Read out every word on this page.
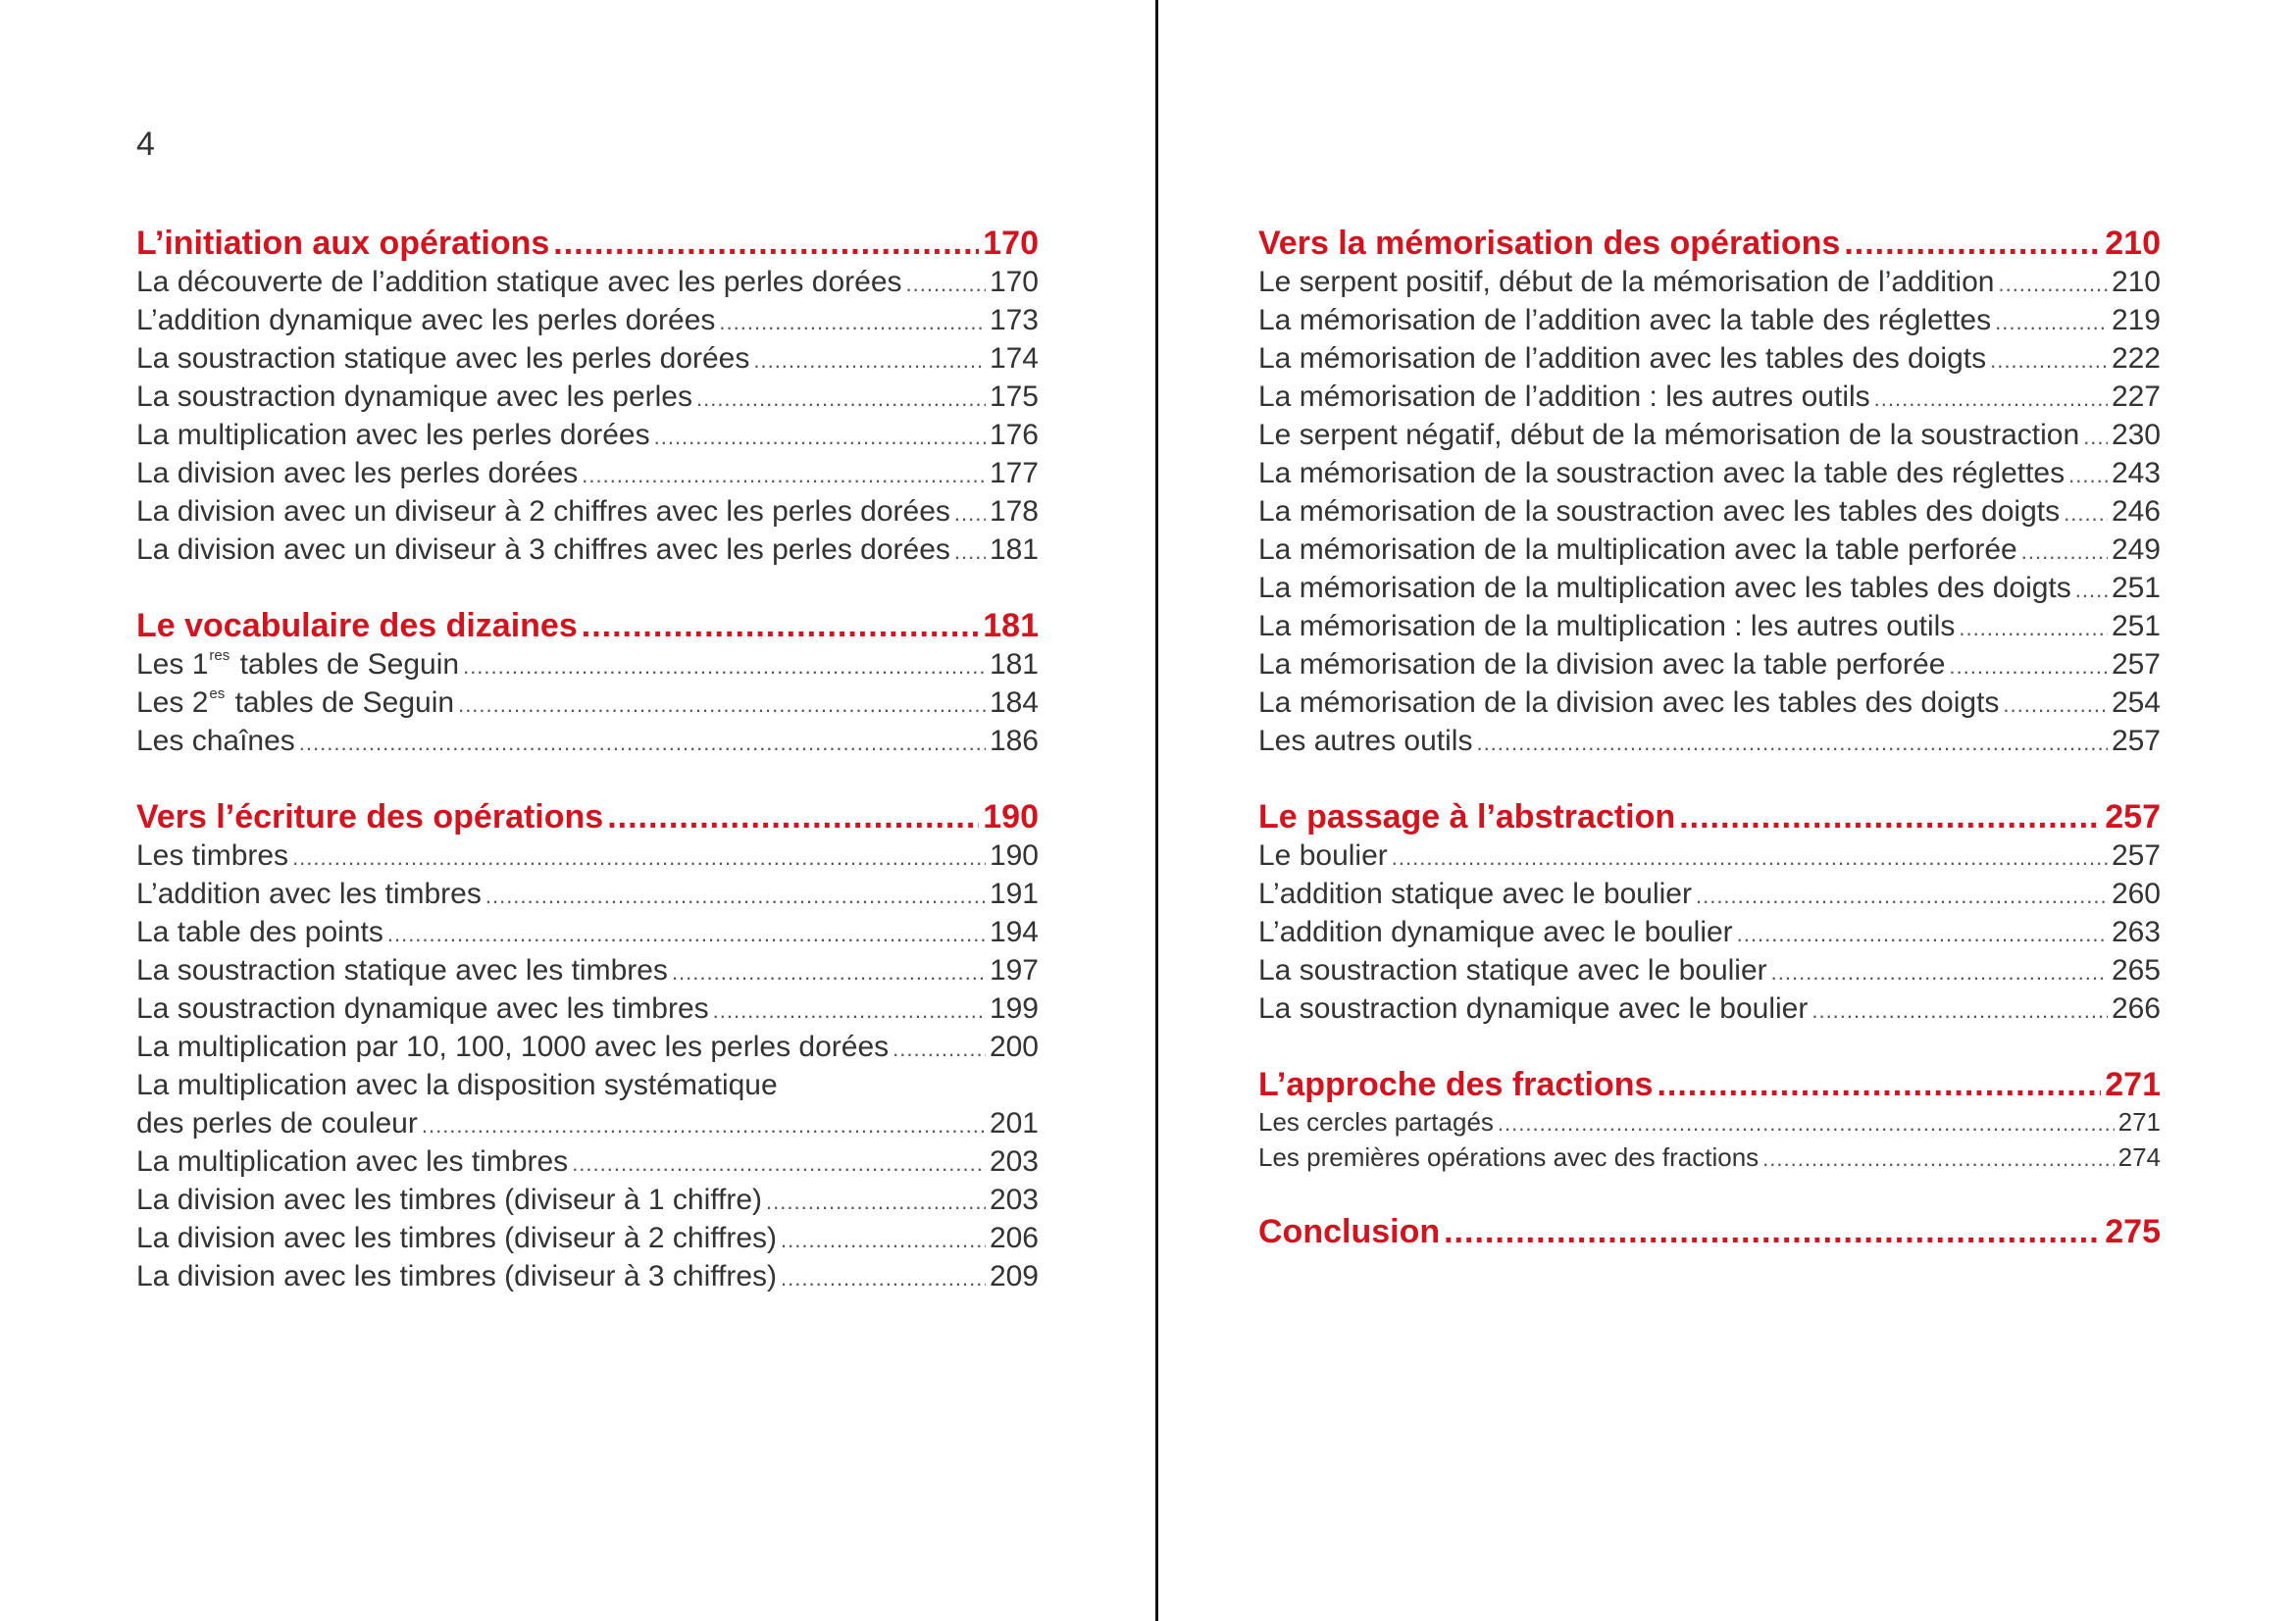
4
L’initiation aux opérations .....	170
La découverte de l’addition statique avec les perles dorées .....	170
L’addition dynamique avec les perles dorées .....	173
La soustraction statique avec les perles dorées .....	174
La soustraction dynamique avec les perles .....	175
La multiplication avec les perles dorées .....	176
La division avec les perles dorées .....	177
La division avec un diviseur à 2 chiffres avec les perles dorées ..... 178
La division avec un diviseur à 3 chiffres avec les perles dorées ..... 181
Le vocabulaire des dizaines .....	181
Les 1res tables de Seguin .....	181
Les $2^{es}$ tables de Seguin .....	184
Les chaînes .....	186
Vers l’écriture des opérations .....	190
Les timbres .....	190
L’addition avec les timbres .....	191
La table des points .....	194
La soustraction statique avec les timbres .....	197
La soustraction dynamique avec les timbres .....	199
La multiplication par 10, 100, 1000 avec les perles dorées .....	200
La multiplication avec la disposition systématique
des perles de couleur .....	201
La multiplication avec les timbres .....	203
La division avec les timbres (diviseur à 1 chiffre) .....	203
La division avec les timbres (diviseur à 2 chiffres) .....	206
La division avec les timbres (diviseur à 3 chiffres) .....	209
Vers la mémorisation des opérations .....	210
Le serpent positif, début de la mémorisation de l’addition .....	210
La mémorisation de l’addition avec la table des réglettes .....	219
La mémorisation de l’addition avec les tables des doigts .....	222
La mémorisation de l’addition : les autres outils .....	227
Le serpent négatif, début de la mémorisation de la soustraction ..... 230
La mémorisation de la soustraction avec la table des réglettes ..... 243
La mémorisation de la soustraction avec les tables des doigts ..... 246
La mémorisation de la multiplication avec la table perforée .....	249
La mémorisation de la multiplication avec les tables des doigts ..... 251
La mémorisation de la multiplication : les autres outils .....	251
La mémorisation de la division avec la table perforée .....	257
La mémorisation de la division avec les tables des doigts .....	254
Les autres outils .....	257
Le passage à l’abstraction .....	257
Le boulier .....	257
L’addition statique avec le boulier .....	260
L’addition dynamique avec le boulier .....	263
La soustraction statique avec le boulier .....	265
La soustraction dynamique avec le boulier .....	266
L’approche des fractions .....	271
Les cercles partagés .....	271
Les premières opérations avec des fractions .....	274
Conclusion .....	275
